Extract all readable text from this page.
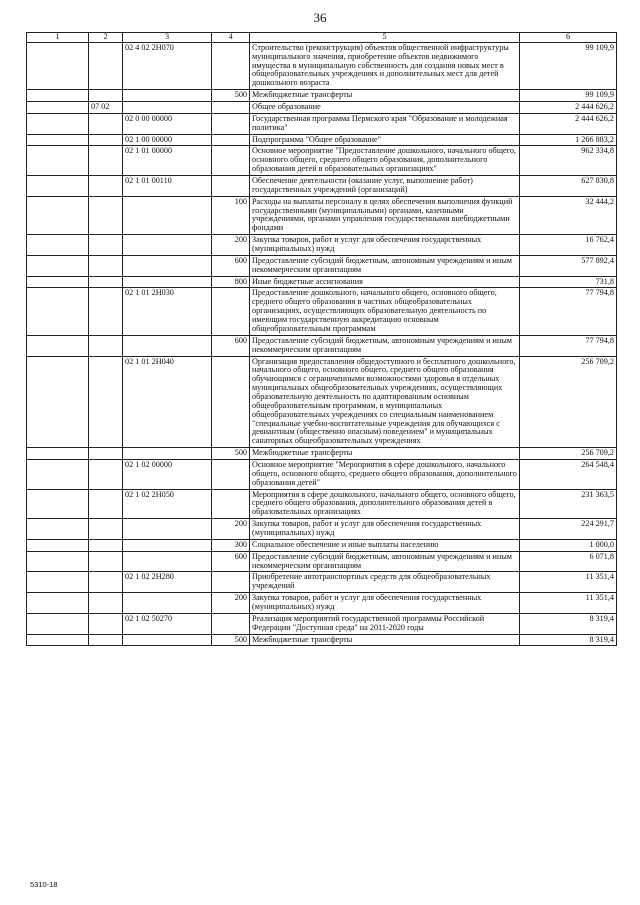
36
1	2	3	4	5	6
		02 4 02 2Н070		Строительство (реконструкция) объектов общественной инфраструктуры муниципального значения, приобретение объектов недвижимого имущества в муниципальную собственность для создания новых мест в общеобразовательных учреждениях и дополнительных мест для детей дошкольного возраста	99 109,9
			500	Межбюджетные трансферты	99 109,9
	07 02			Общее образование	2 444 626,2
		02 0 00 00000		Государственная программа Пермского края "Образование и молодежная политика"	2 444 626,2
		02 1 00 00000		Подпрограмма "Общее образование"	1 266 883,2
		02 1 01 00000		Основное мероприятие "Предоставление дошкольного, начального общего, основного общего, среднего общего образования, дополнительного образования детей в образовательных организациях"	962 334,8
		02 1 01 00110		Обеспечение деятельности (оказание услуг, выполнение работ) государственных учреждений (организаций)	627 830,8
			100	Расходы на выплаты персоналу в целях обеспечения выполнения функций государственными (муниципальными) органами, казенными учреждениями, органами управления государственными внебюджетными фондами	32 444,2
			200	Закупка товаров, работ и услуг для обеспечения государственных (муниципальных) нужд	16 762,4
			600	Предоставление субсидий бюджетным, автономным учреждениям и иным некоммерческим организациям	577 892,4
			800	Иные бюджетные ассигнования	731,8
		02 1 01 2Н030		Предоставление дошкольного, начального общего, основного общего, среднего общего образования в частных общеобразовательных организациях, осуществляющих образовательную деятельность по имеющим государственную аккредитацию основным общеобразовательным программам	77 794,8
			600	Предоставление субсидий бюджетным, автономным учреждениям и иным некоммерческим организациям	77 794,8
		02 1 01 2Н040		Организация предоставления общедоступного и бесплатного дошкольного, начального общего, основного общего, среднего общего образования обучающимся с ограниченными возможностями здоровья в отдельных муниципальных общеобразовательных учреждениях, осуществляющих образовательную деятельность по адаптированным основным общеобразовательным программам, в муниципальных общеобразовательных учреждениях со специальным наименованием "специальные учебно-воспитательные учреждения для обучающихся с девиантным (общественно опасным) поведением" и муниципальных санаторных общеобразовательных учреждениях	256 709,2
			500	Межбюджетные трансферты	256 709,2
		02 1 02 00000		Основное мероприятие "Мероприятия в сфере дошкольного, начального общего, основного общего, среднего общего образования, дополнительного образования детей"	264 548,4
		02 1 02 2Н050		Мероприятия в сфере дошкольного, начального общего, основного общего, среднего общего образования, дополнительного образования детей в образовательных организациях	231 363,5
			200	Закупка товаров, работ и услуг для обеспечения государственных (муниципальных) нужд	224 291,7
			300	Социальное обеспечение и иные выплаты населению	1 000,0
			600	Предоставление субсидий бюджетным, автономным учреждениям и иным некоммерческим организациям	6 071,8
		02 1 02 2Н280		Приобретение автотранспортных средств для общеобразовательных учреждений	11 351,4
			200	Закупка товаров, работ и услуг для обеспечения государственных (муниципальных) нужд	11 351,4
		02 1 02 50270		Реализация мероприятий государственной программы Российской Федерации "Доступная среда" на 2011-2020 годы	8 319,4
			500	Межбюджетные трансферты	8 319,4
5310-18
